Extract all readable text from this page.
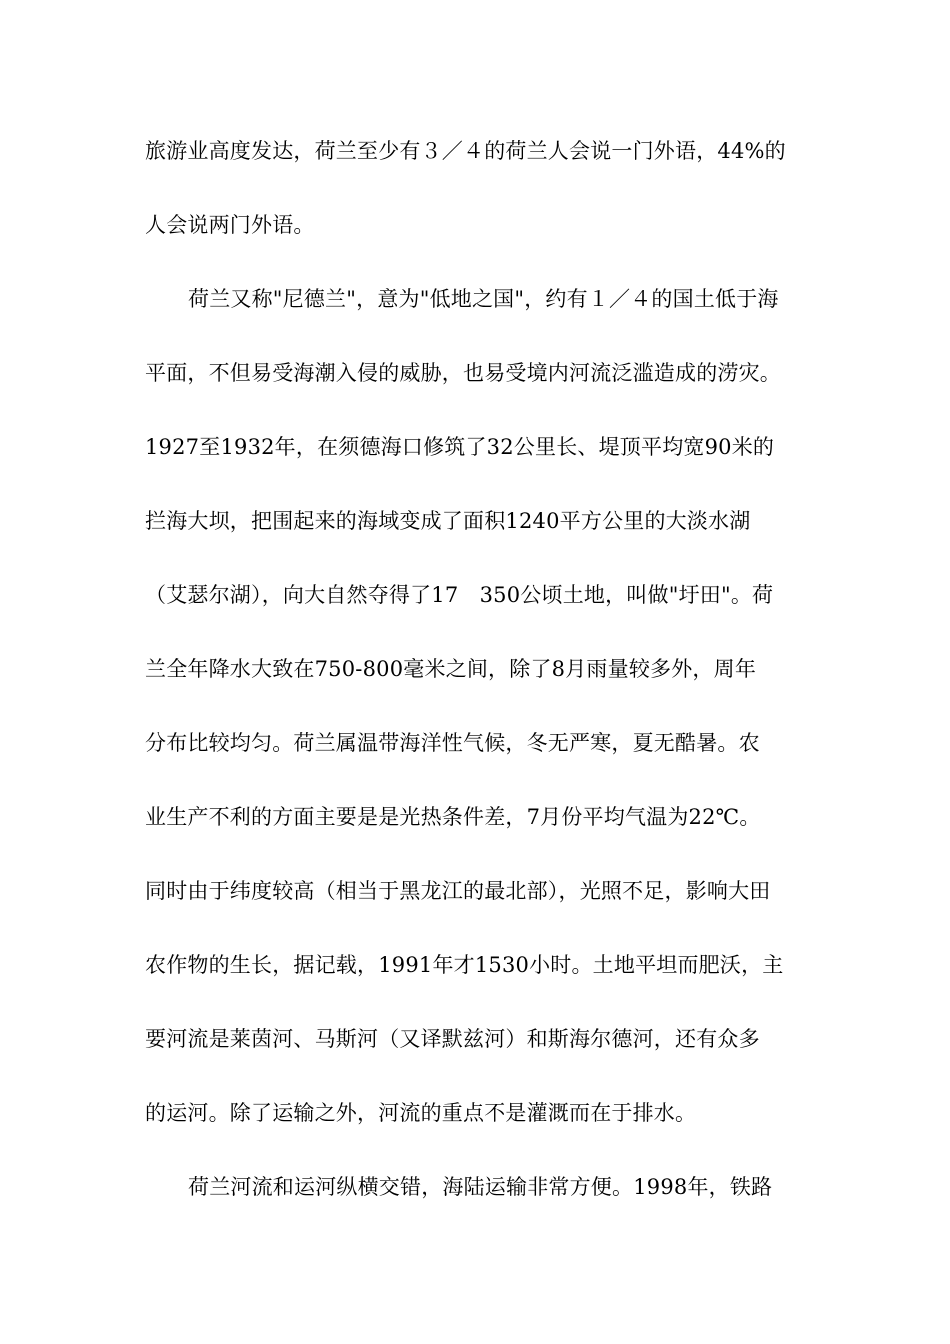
旅游业高度发达，荷兰至少有３／４的荷兰人会说一门外语，44%的
人会说两门外语。
荷兰又称"尼德兰"，意为"低地之国"，约有１／４的国土低于海
平面，不但易受海潮入侵的威胁，也易受境内河流泛滥造成的涝灾。
1927至1932年，在须德海口修筑了32公里长、堤顶平均宽90米的
拦海大坝，把围起来的海域变成了面积1240平方公里的大淡水湖
（艾瑟尔湖），向大自然夺得了17　350公顷土地，叫做"圩田"。荷
兰全年降水大致在750-800毫米之间，除了8月雨量较多外，周年
分布比较均匀。荷兰属温带海洋性气候，冬无严寒，夏无酷暑。农
业生产不利的方面主要是是光热条件差，7月份平均气温为22℃。
同时由于纬度较高（相当于黑龙江的最北部），光照不足，影响大田
农作物的生长，据记载，1991年才1530小时。土地平坦而肥沃，主
要河流是莱茵河、马斯河（又译默兹河）和斯海尔德河，还有众多
的运河。除了运输之外，河流的重点不是灌溉而在于排水。
荷兰河流和运河纵横交错，海陆运输非常方便。1998年，铁路
